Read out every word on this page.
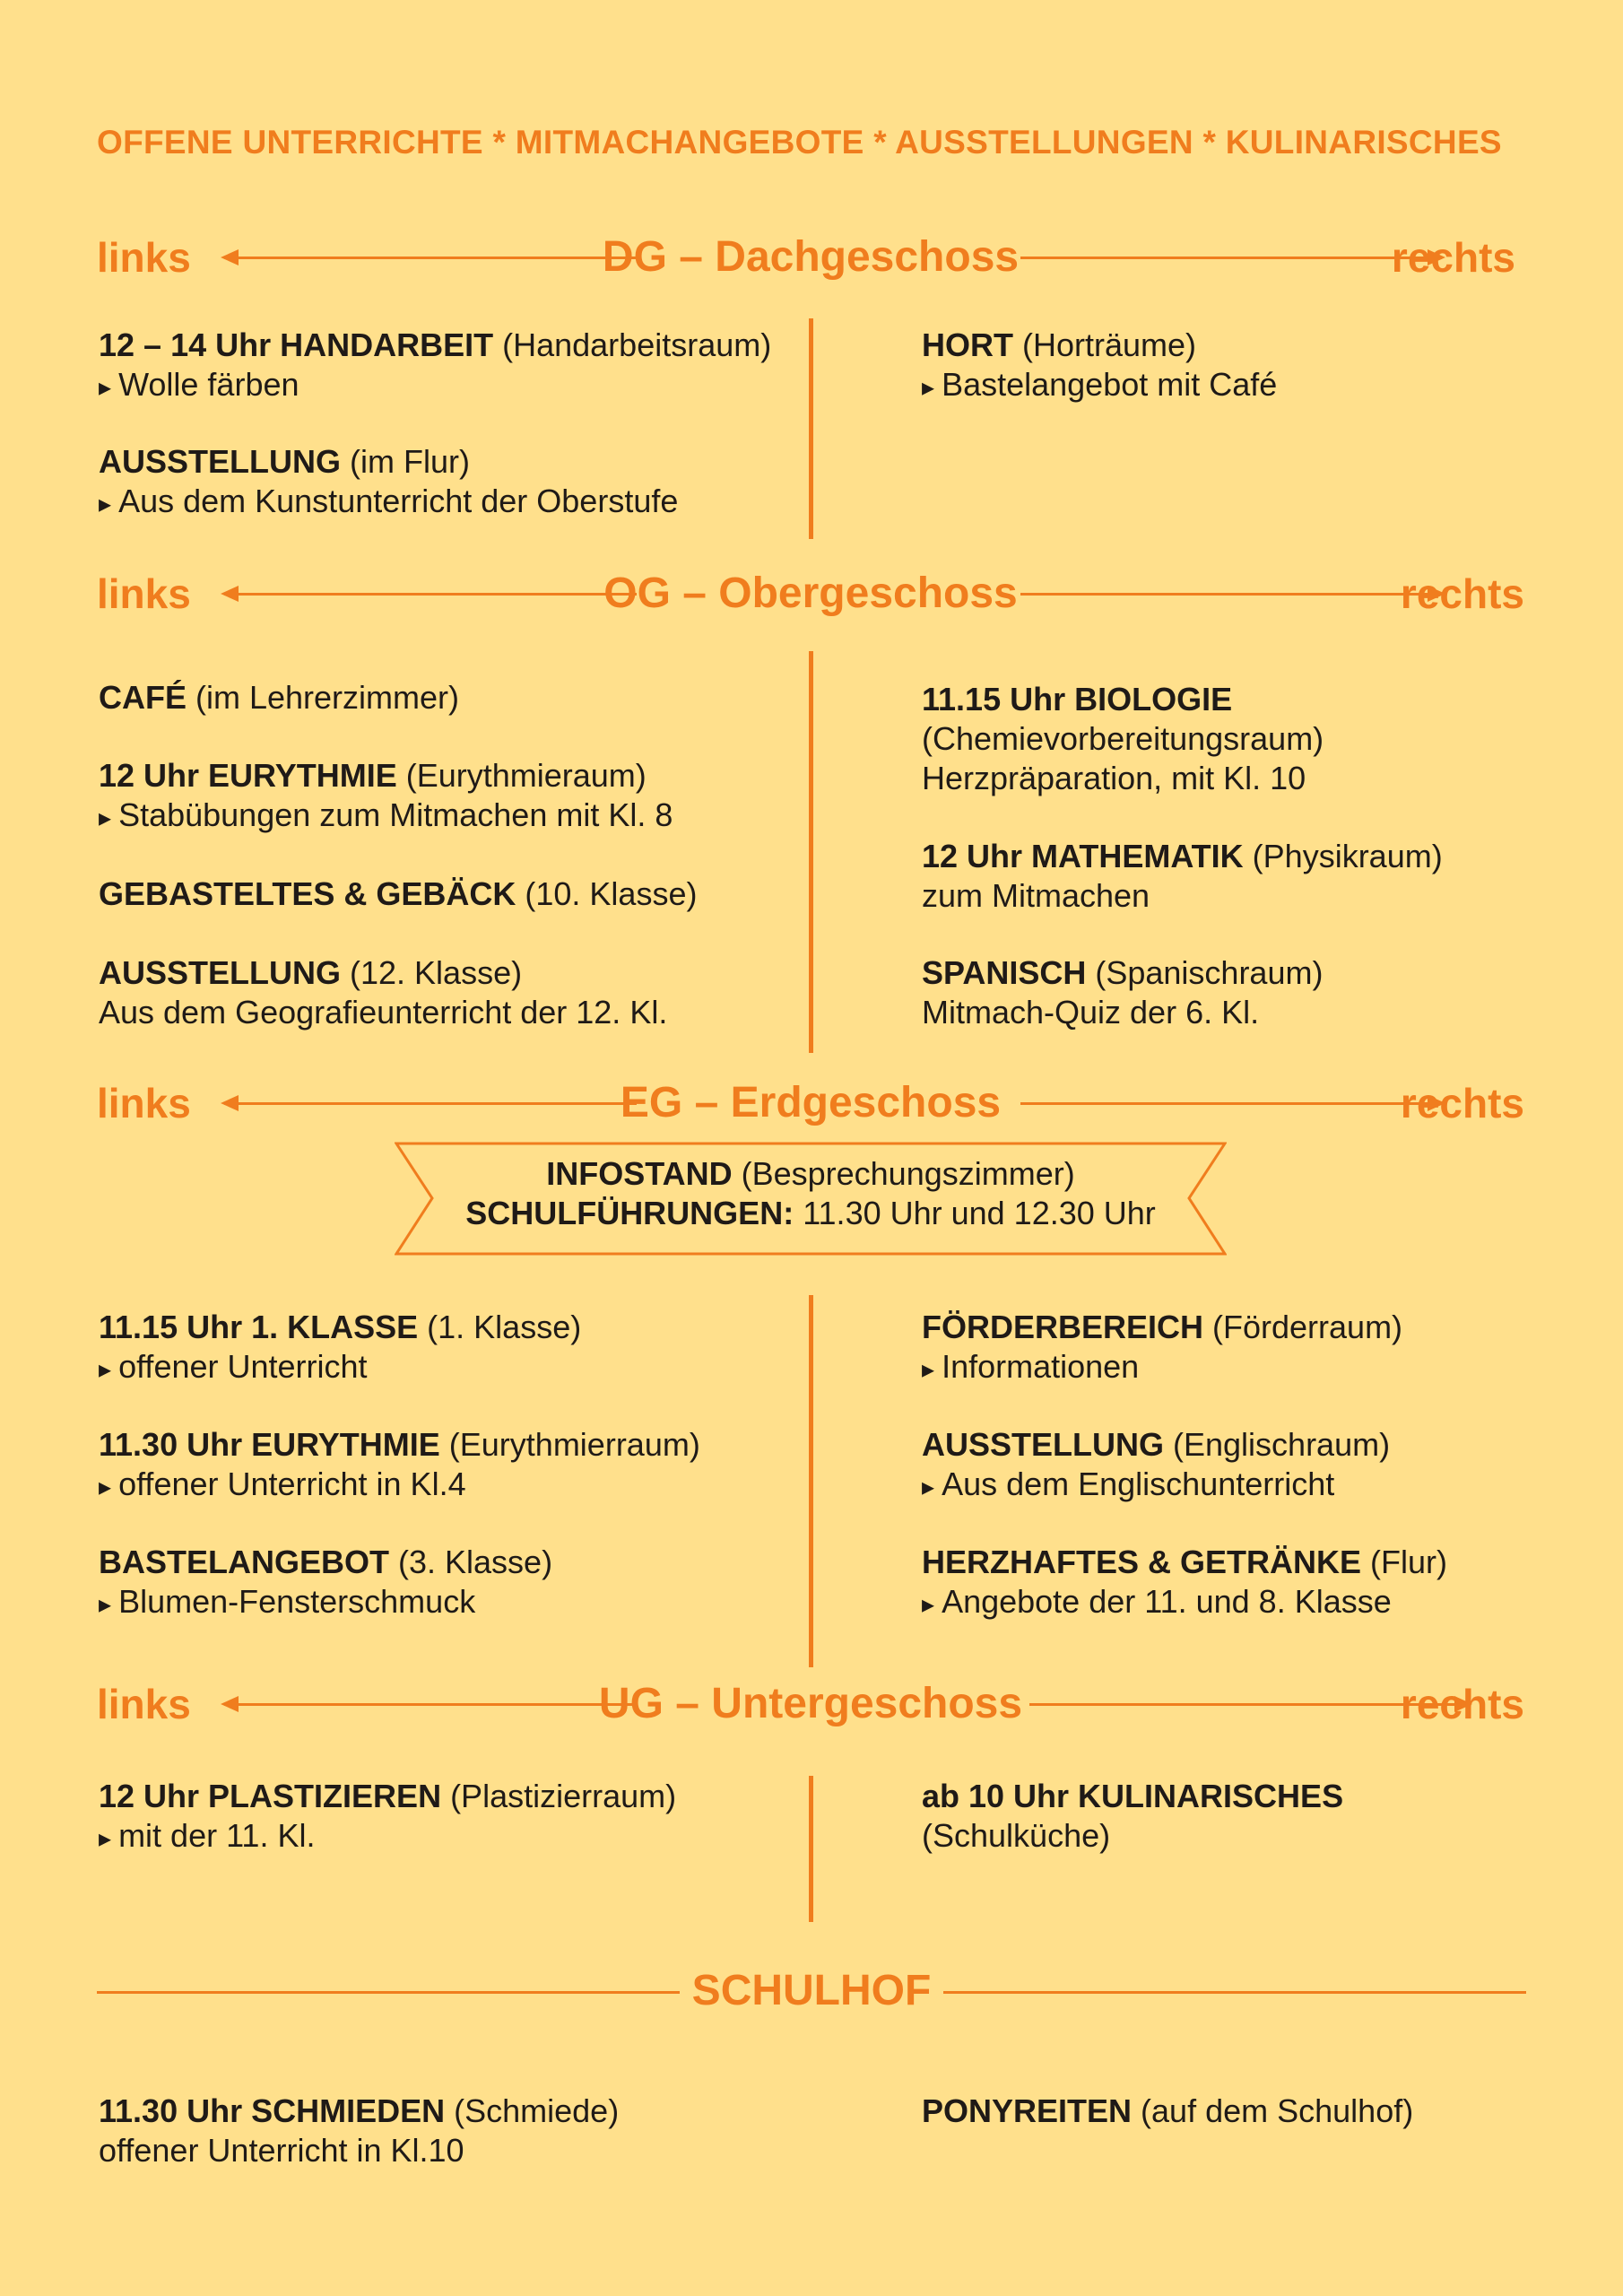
OFFENE UNTERRICHTE * MITMACHANGEBOTE * AUSSTELLUNGEN * KULINARISCHES
links	DG – Dachgeschoss	rechts
12 – 14 Uhr HANDARBEIT (Handarbeitsraum)
▸ Wolle färben
AUSSTELLUNG (im Flur)
▸ Aus dem Kunstunterricht der Oberstufe
HORT (Horträume)
▸ Bastelangebot mit Café
links	OG – Obergeschoss	rechts
CAFÉ (im Lehrerzimmer)
12 Uhr EURYTHMIE (Eurythmieraum)
▸ Stabübungen zum Mitmachen mit Kl. 8
GEBASTELTES & GEBÄCK (10. Klasse)
AUSSTELLUNG (12. Klasse)
Aus dem Geografieunterricht der 12. Kl.
11.15 Uhr BIOLOGIE
(Chemievorbereitungsraum)
Herzpräparation, mit Kl. 10
12 Uhr MATHEMATIK (Physikraum)
zum Mitmachen
SPANISCH (Spanischraum)
Mitmach-Quiz der 6. Kl.
links	EG – Erdgeschoss	rechts
INFOSTAND (Besprechungszimmer)
SCHULFÜHRUNGEN: 11.30 Uhr und 12.30 Uhr
11.15 Uhr 1. KLASSE (1. Klasse)
▸ offener Unterricht
11.30 Uhr EURYTHMIE (Eurythmierraum)
▸ offener Unterricht in Kl.4
BASTELANGEBOT (3. Klasse)
▸ Blumen-Fensterschmuck
FÖRDERBEREICH (Förderraum)
▸ Informationen
AUSSTELLUNG (Englischraum)
▸ Aus dem Englischunterricht
HERZHAFTES & GETRÄNKE (Flur)
▸ Angebote der 11. und 8. Klasse
links	UG – Untergeschoss	rechts
12 Uhr PLASTIZIEREN (Plastizierraum)
▸ mit der 11. Kl.
ab 10 Uhr KULINARISCHES
(Schulküche)
SCHULHOF
11.30 Uhr SCHMIEDEN (Schmiede)
offener Unterricht in Kl.10
PONYREITEN (auf dem Schulhof)
